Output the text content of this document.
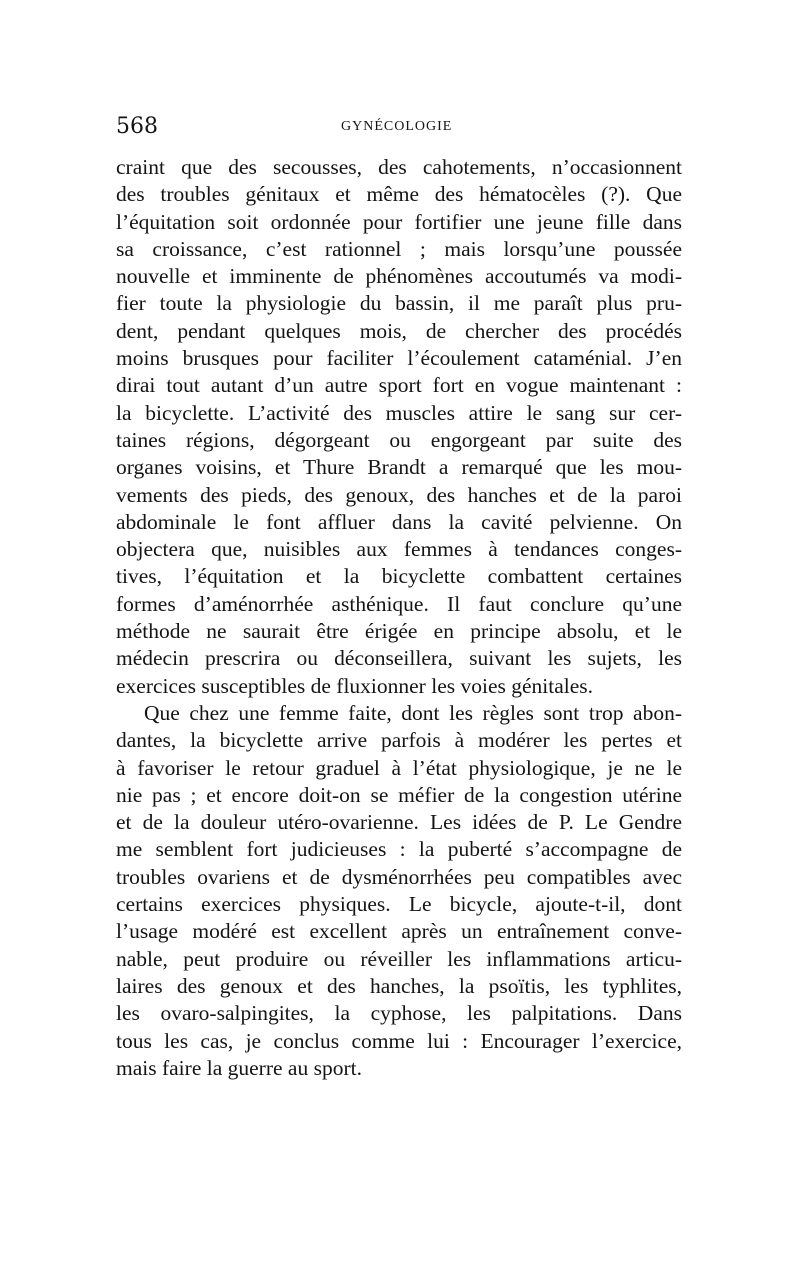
568	GYNÉCOLOGIE
craint que des secousses, des cahotements, n’occasionnent
des troubles génitaux et même des hématocèles (?). Que
l’équitation soit ordonnée pour fortifier une jeune fille dans
sa croissance, c’est rationnel ; mais lorsqu’une poussée
nouvelle et imminente de phénomènes accoutumés va modi-
fier toute la physiologie du bassin, il me paraît plus pru-
dent, pendant quelques mois, de chercher des procédés
moins brusques pour faciliter l’écoulement cataménial. J’en
dirai tout autant d’un autre sport fort en vogue maintenant :
la bicyclette. L’activité des muscles attire le sang sur cer-
taines régions, dégorgeant ou engorgeant par suite des
organes voisins, et Thure Brandt a remarqué que les mou-
vements des pieds, des genoux, des hanches et de la paroi
abdominale le font affluer dans la cavité pelvienne. On
objectera que, nuisibles aux femmes à tendances conges-
tives, l’équitation et la bicyclette combattent certaines
formes d’aménorrhée asthénique. Il faut conclure qu’une
méthode ne saurait être érigée en principe absolu, et le
médecin prescrira ou déconseillera, suivant les sujets, les
exercices susceptibles de fluxionner les voies génitales.
Que chez une femme faite, dont les règles sont trop abon-
dantes, la bicyclette arrive parfois à modérer les pertes et
à favoriser le retour graduel à l’état physiologique, je ne le
nie pas ; et encore doit-on se méfier de la congestion utérine
et de la douleur utéro-ovarienne. Les idées de P. Le Gendre
me semblent fort judicieuses : la puberté s’accompagne de
troubles ovariens et de dysménorrhées peu compatibles avec
certains exercices physiques. Le bicycle, ajoute-t-il, dont
l’usage modéré est excellent après un entraînement conve-
nable, peut produire ou réveiller les inflammations articu-
laires des genoux et des hanches, la psoïtis, les typhlites,
les ovaro-salpingites, la cyphose, les palpitations. Dans
tous les cas, je conclus comme lui : Encourager l’exercice,
mais faire la guerre au sport.
